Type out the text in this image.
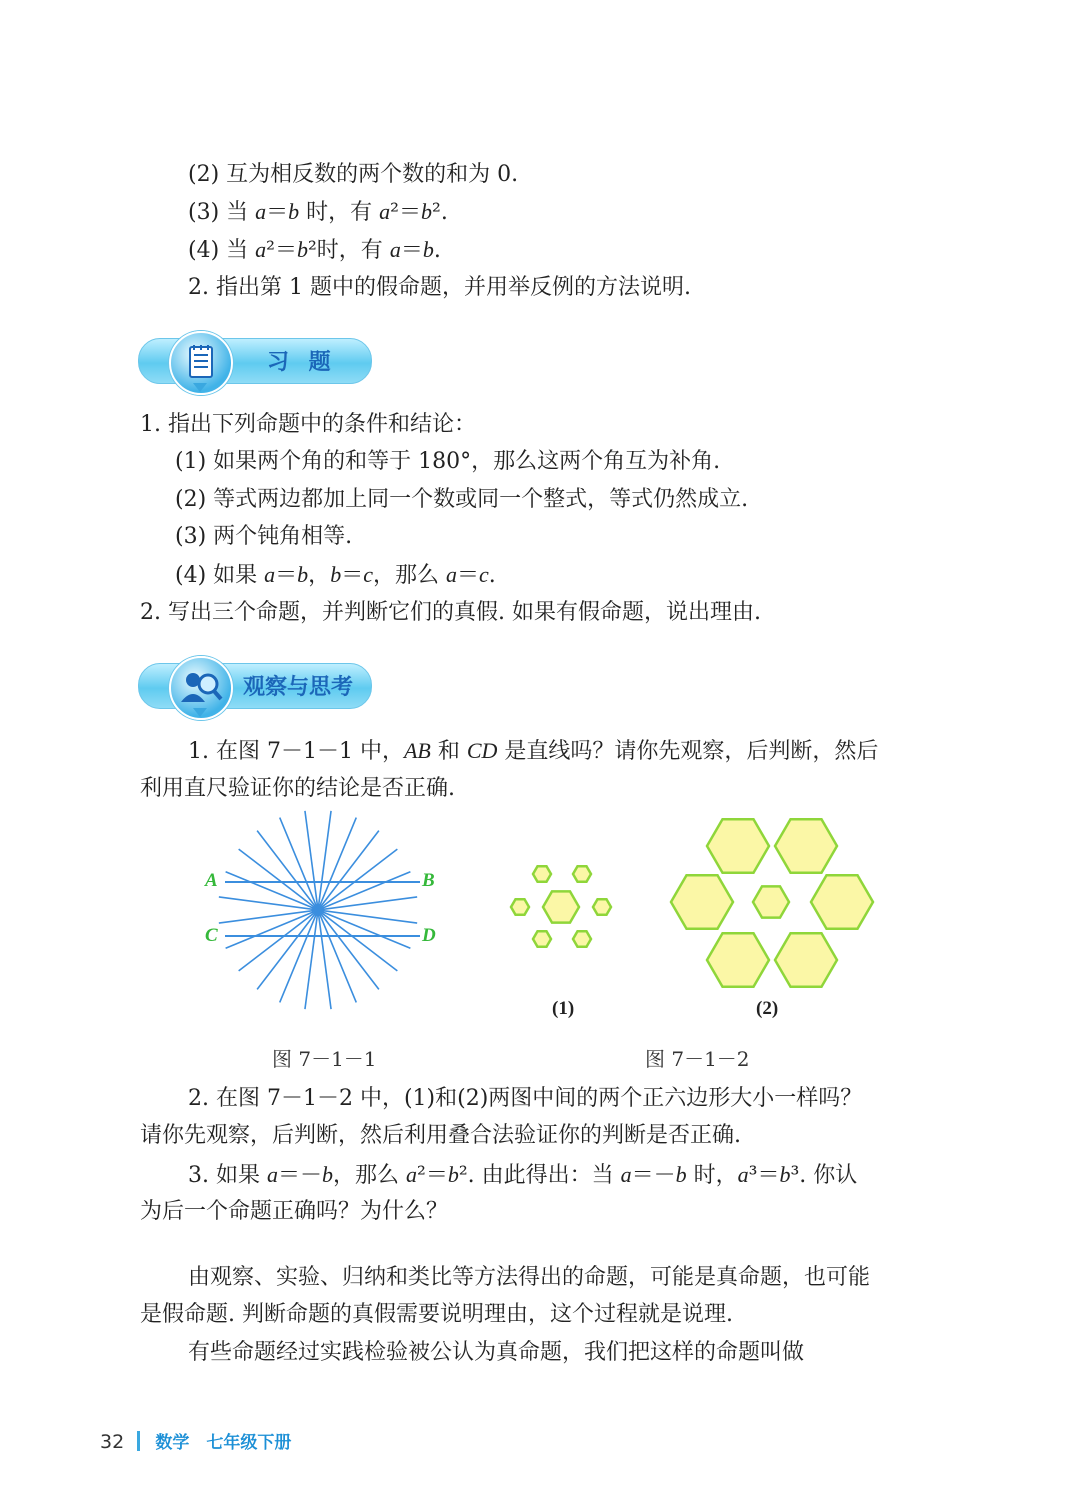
(2) 互为相反数的两个数的和为 0.
(3) 当 a＝b 时，有 a²＝b².
(4) 当 a²＝b²时，有 a＝b.
2. 指出第 1 题中的假命题，并用举反例的方法说明.
习 题
1. 指出下列命题中的条件和结论：
(1) 如果两个角的和等于 180°，那么这两个角互为补角.
(2) 等式两边都加上同一个数或同一个整式，等式仍然成立.
(3) 两个钝角相等.
(4) 如果 a＝b，b＝c，那么 a＝c.
2. 写出三个命题，并判断它们的真假. 如果有假命题，说出理由.
观察与思考
1. 在图 7－1－1 中，AB 和 CD 是直线吗？请你先观察，后判断，然后
利用直尺验证你的结论是否正确.
A	B
C	D
(1)	(2)
图 7－1－1	图 7－1－2
2. 在图 7－1－2 中，(1)和(2)两图中间的两个正六边形大小一样吗？
请你先观察，后判断，然后利用叠合法验证你的判断是否正确.
3. 如果 a＝－b，那么 a²＝b². 由此得出：当 a＝－b 时，a³＝b³. 你认
为后一个命题正确吗？为什么？
由观察、实验、归纳和类比等方法得出的命题，可能是真命题，也可能
是假命题. 判断命题的真假需要说明理由，这个过程就是说理.
有些命题经过实践检验被公认为真命题，我们把这样的命题叫做
32 数学　七年级下册
